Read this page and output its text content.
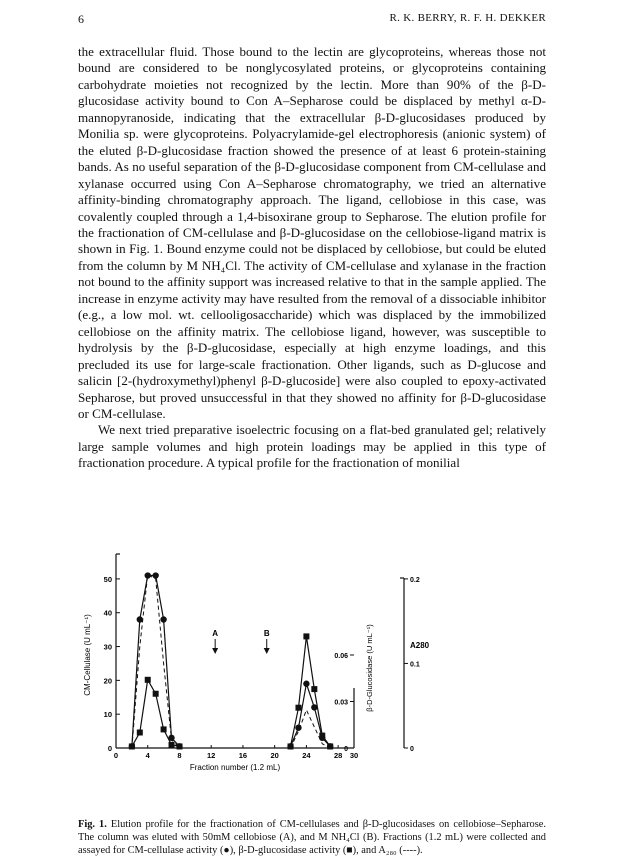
6	R. K. BERRY, R. F. H. DEKKER

the extracellular fluid. Those bound to the lectin are glycoproteins, whereas those not bound are considered to be nonglycosylated proteins, or glycoproteins containing carbohydrate moieties not recognized by the lectin. More than 90% of the β-D-glucosidase activity bound to Con A–Sepharose could be displaced by methyl α-D-mannopyranoside, indicating that the extracellular β-D-glucosidases produced by Monilia sp. were glycoproteins. Polyacrylamide-gel electrophoresis (anionic system) of the eluted β-D-glucosidase fraction showed the presence of at least 6 protein-staining bands. As no useful separation of the β-D-glucosidase component from CM-cellulase and xylanase occurred using Con A–Sepharose chromatography, we tried an alternative affinity-binding chromatography approach. The ligand, cellobiose in this case, was covalently coupled through a 1,4-bisoxirane group to Sepharose. The elution profile for the fractionation of CM-cellulase and β-D-glucosidase on the cellobiose-ligand matrix is shown in Fig. 1. Bound enzyme could not be displaced by cellobiose, but could be eluted from the column by M NH₄Cl. The activity of CM-cellulase and xylanase in the fraction not bound to the affinity support was increased relative to that in the sample applied. The increase in enzyme activity may have resulted from the removal of a dissociable inhibitor (e.g., a low mol. wt. cellooligosaccharide) which was displaced by the immobilized cellobiose on the affinity matrix. The cellobiose ligand, however, was susceptible to hydrolysis by the β-D-glucosidase, especially at high enzyme loadings, and this precluded its use for large-scale fractionation. Other ligands, such as D-glucose and salicin [2-(hydroxymethyl)phenyl β-D-glucoside] were also coupled to epoxy-activated Sepharose, but proved unsuccessful in that they showed no affinity for β-D-glucosidase or CM-cellulase.

We next tried preparative isoelectric focusing on a flat-bed granulated gel; relatively large sample volumes and high protein loadings may be applied in this type of fractionation procedure. A typical profile for the fractionation of monilial

0
10
20
30
40
50
CM-Cellulase (U mL⁻¹)
0	4	8	12	16	20	24	28 30
Fraction number (1.2 mL)
0
0.03
0.06 β-D-Glucosidase (U mL⁻¹)
0
0.1
0.2
A280
A	B
Fig. 1. Elution profile for the fractionation of CM-cellulases and β-D-glucosidases on cellobiose–Sepharose. The column was eluted with 50mM cellobiose (A), and M NH₄Cl (B). Fractions (1.2 mL) were collected and assayed for CM-cellulase activity (●), β-D-glucosidase activity (■), and A₂₈₀ (----).
